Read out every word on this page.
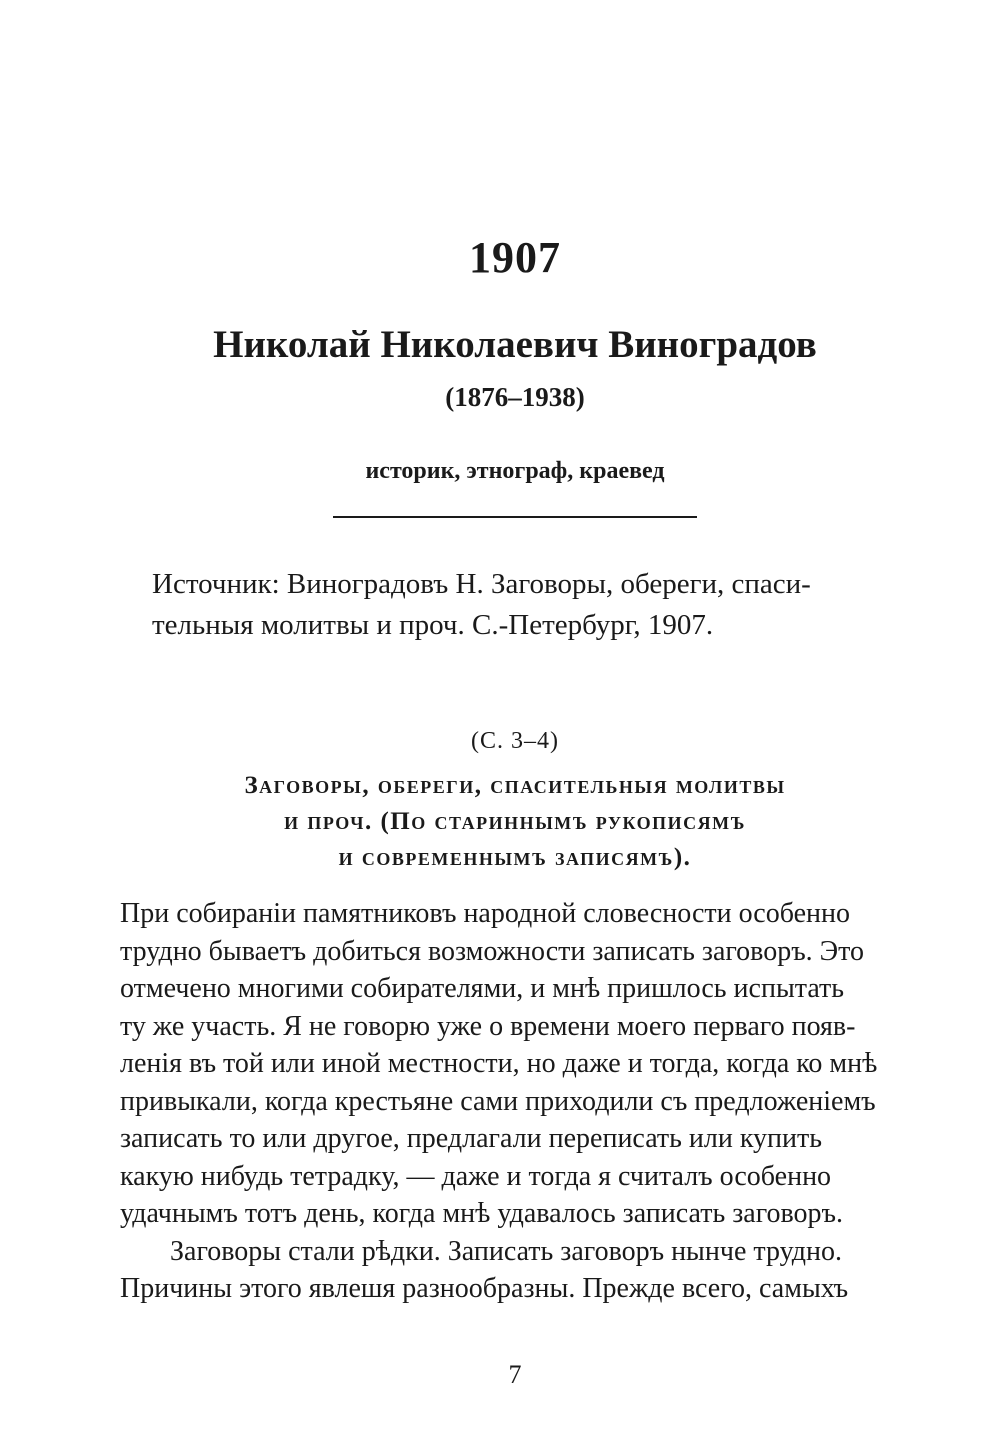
1907
Николай Николаевич Виноградов
(1876–1938)
историк, этнограф, краевед

Источник: Виноградовъ Н. Заговоры, обереги, спаси-
тельныя молитвы и проч. С.-Петербург, 1907.

(С. 3–4)
Заговоры, обереги, спасительныя молитвы
и проч. (По стариннымъ рукописямъ
и современнымъ записямъ).
При собираніи памятниковъ народной словесности особенно
трудно бываетъ добиться возможности записать заговоръ. Это
отмечено многими собирателями, и мнѣ пришлось испытать
ту же участь. Я не говорю уже о времени моего перваго появ-
ленія въ той или иной местности, но даже и тогда, когда ко мнѣ
привыкали, когда крестьяне сами приходили съ предложеніемъ
записать то или другое, предлагали переписать или купить
какую нибудь тетрадку, — даже и тогда я считалъ особенно
удачнымъ тотъ день, когда мнѣ удавалось записать заговоръ.
Заговоры стали рѣдки. Записать заговоръ нынче трудно.
Причины этого явлешя разнообразны. Прежде всего, самыхъ
7
